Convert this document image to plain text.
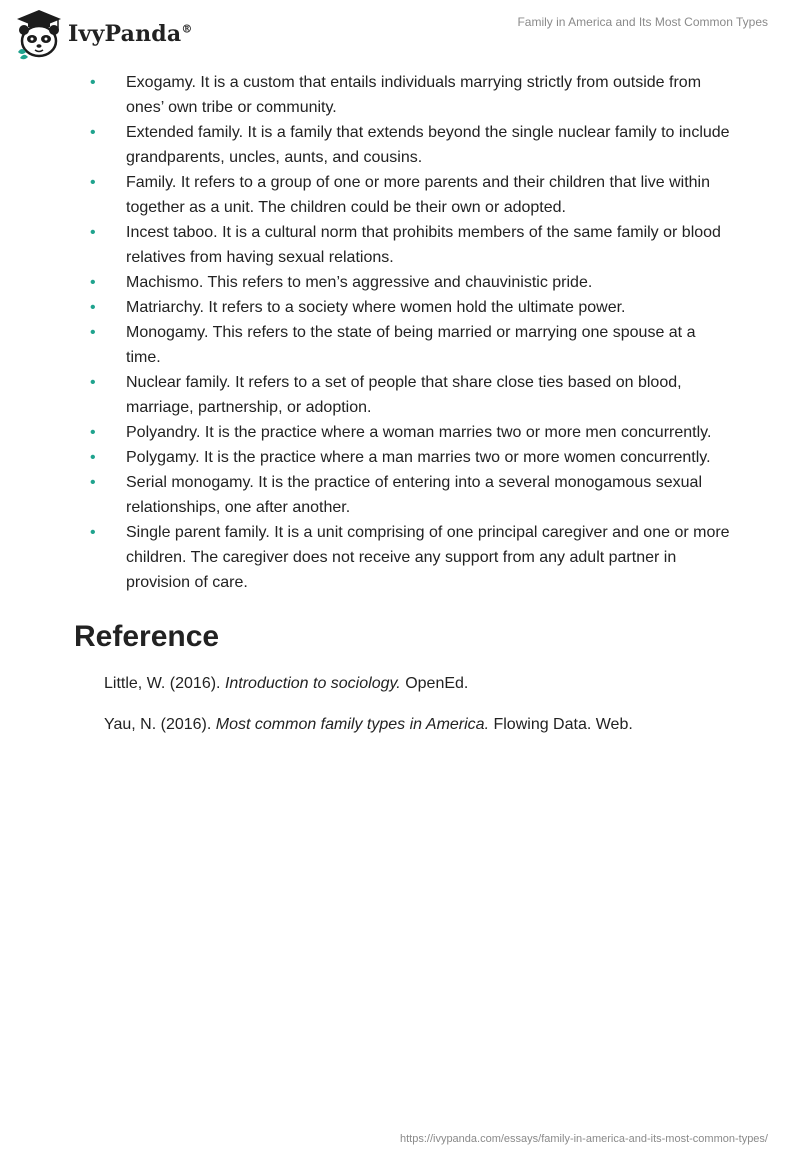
IvyPanda®
Family in America and Its Most Common Types
• Exogamy. It is a custom that entails individuals marrying strictly from outside from ones’ own tribe or community.
• Extended family. It is a family that extends beyond the single nuclear family to include grandparents, uncles, aunts, and cousins.
• Family. It refers to a group of one or more parents and their children that live within together as a unit. The children could be their own or adopted.
• Incest taboo. It is a cultural norm that prohibits members of the same family or blood relatives from having sexual relations.
• Machismo. This refers to men’s aggressive and chauvinistic pride.
• Matriarchy. It refers to a society where women hold the ultimate power.
• Monogamy. This refers to the state of being married or marrying one spouse at a time.
• Nuclear family. It refers to a set of people that share close ties based on blood, marriage, partnership, or adoption.
• Polyandry. It is the practice where a woman marries two or more men concurrently.
• Polygamy. It is the practice where a man marries two or more women concurrently.
• Serial monogamy. It is the practice of entering into a several monogamous sexual relationships, one after another.
• Single parent family. It is a unit comprising of one principal caregiver and one or more children. The caregiver does not receive any support from any adult partner in provision of care.
Reference

Little, W. (2016). Introduction to sociology. OpenEd.

Yau, N. (2016). Most common family types in America. Flowing Data. Web.

https://ivypanda.com/essays/family-in-america-and-its-most-common-types/
